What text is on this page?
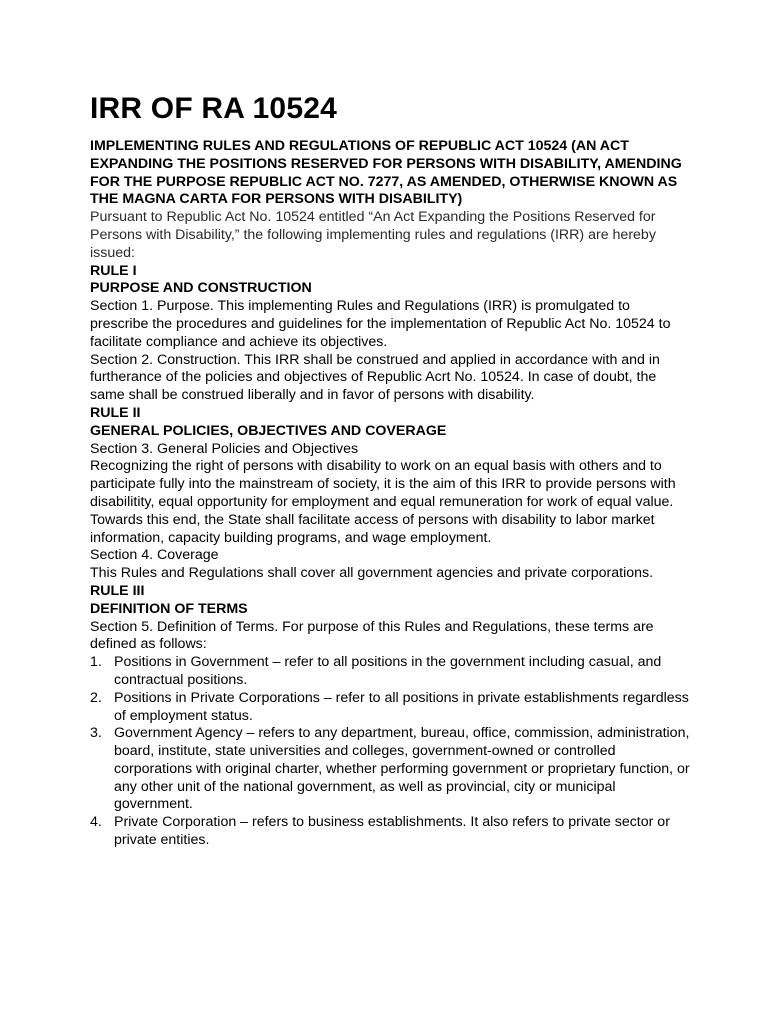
IRR OF RA 10524

IMPLEMENTING RULES AND REGULATIONS OF REPUBLIC ACT 10524 (AN ACT EXPANDING THE POSITIONS RESERVED FOR PERSONS WITH DISABILITY, AMENDING FOR THE PURPOSE REPUBLIC ACT NO. 7277, AS AMENDED, OTHERWISE KNOWN AS THE MAGNA CARTA FOR PERSONS WITH DISABILITY)

Pursuant to Republic Act No. 10524 entitled “An Act Expanding the Positions Reserved for Persons with Disability,” the following implementing rules and regulations (IRR) are hereby issued:

RULE I

PURPOSE AND CONSTRUCTION

Section 1. Purpose. This implementing Rules and Regulations (IRR) is promulgated to prescribe the procedures and guidelines for the implementation of Republic Act No. 10524 to facilitate compliance and achieve its objectives.

Section 2. Construction. This IRR shall be construed and applied in accordance with and in furtherance of the policies and objectives of Republic Acrt No. 10524. In case of doubt, the same shall be construed liberally and in favor of persons with disability.

RULE II

GENERAL POLICIES, OBJECTIVES AND COVERAGE

Section 3. General Policies and Objectives

Recognizing the right of persons with disability to work on an equal basis with others and to participate fully into the mainstream of society, it is the aim of this IRR to provide persons with disabilitity, equal opportunity for employment and equal remuneration for work of equal value. Towards this end, the State shall facilitate access of persons with disability to labor market information, capacity building programs, and wage employment.

Section 4. Coverage

This Rules and Regulations shall cover all government agencies and private corporations.

RULE III

DEFINITION OF TERMS

Section 5. Definition of Terms. For purpose of this Rules and Regulations, these terms are defined as follows:

1. Positions in Government – refer to all positions in the government including casual, and contractual positions.
2. Positions in Private Corporations – refer to all positions in private establishments regardless of employment status.
3. Government Agency – refers to any department, bureau, office, commission, administration, board, institute, state universities and colleges, government-owned or controlled corporations with original charter, whether performing government or proprietary function, or any other unit of the national government, as well as provincial, city or municipal government.
4. Private Corporation – refers to business establishments. It also refers to private sector or private entities.
